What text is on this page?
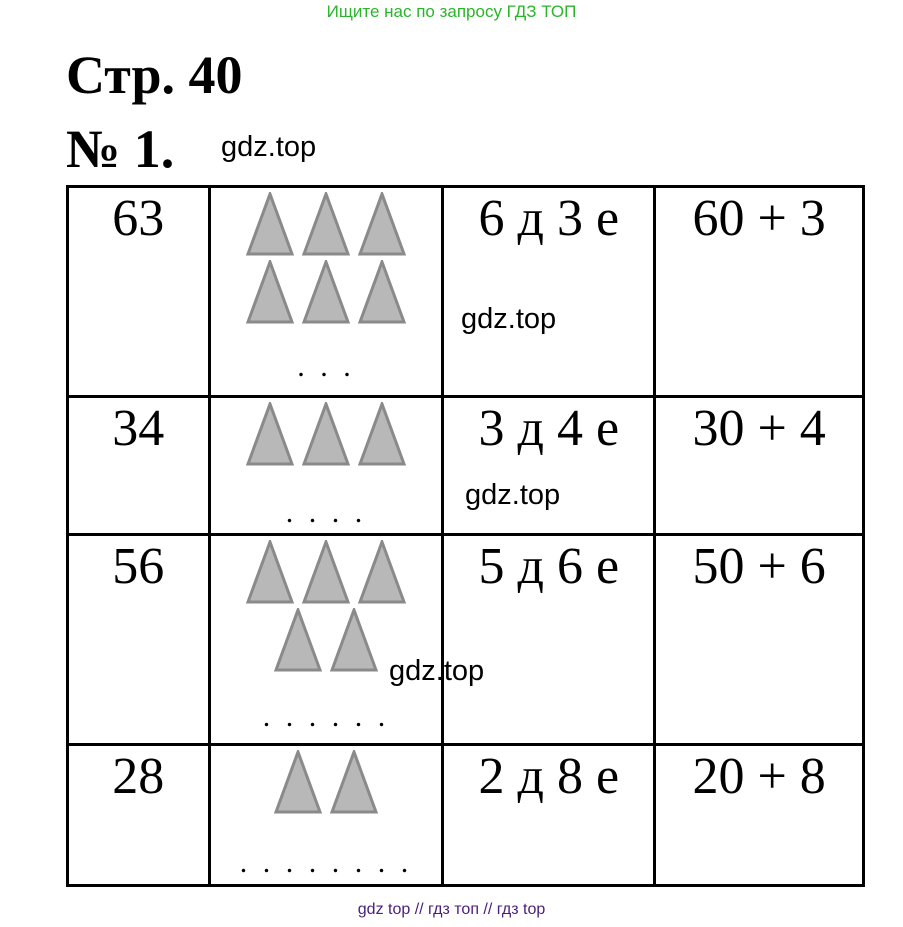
Ищите нас по запросу ГДЗ ТОП
Стр. 40
№ 1. gdz.top
63	. . .	6 д 3 е	60 + 3
34	. . . .	3 д 4 е	30 + 4
56	. . . . . .	5 д 6 е	50 + 6
28	. . . . . . . .	2 д 8 е	20 + 8
gdz.top
gdz.top
gdz.top
gdz top // гдз топ // гдз top
